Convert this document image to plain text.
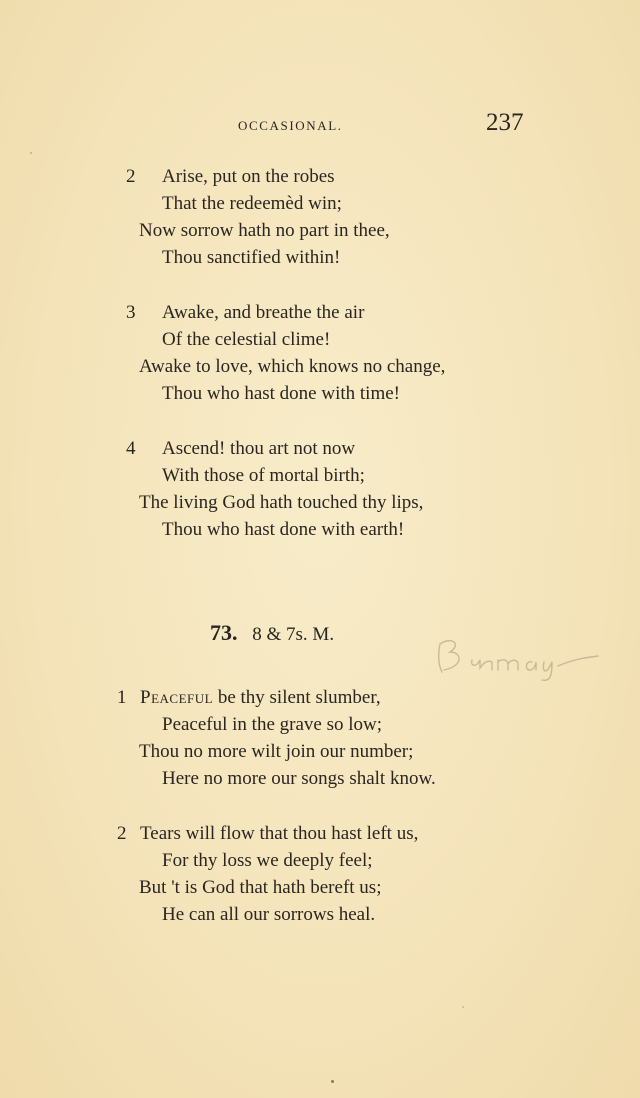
OCCASIONAL.	237
2 Arise, put on the robes
That the redeemèd win;
Now sorrow hath no part in thee,
Thou sanctified within!
3 Awake, and breathe the air
Of the celestial clime!
Awake to love, which knows no change,
Thou who hast done with time!
4 Ascend! thou art not now
With those of mortal birth;
The living God hath touched thy lips,
Thou who hast done with earth!
73. 8 & 7s. M.
1 Peaceful be thy silent slumber,
Peaceful in the grave so low;
Thou no more wilt join our number;
Here no more our songs shalt know.
2 Tears will flow that thou hast left us,
For thy loss we deeply feel;
But 't is God that hath bereft us;
He can all our sorrows heal.
